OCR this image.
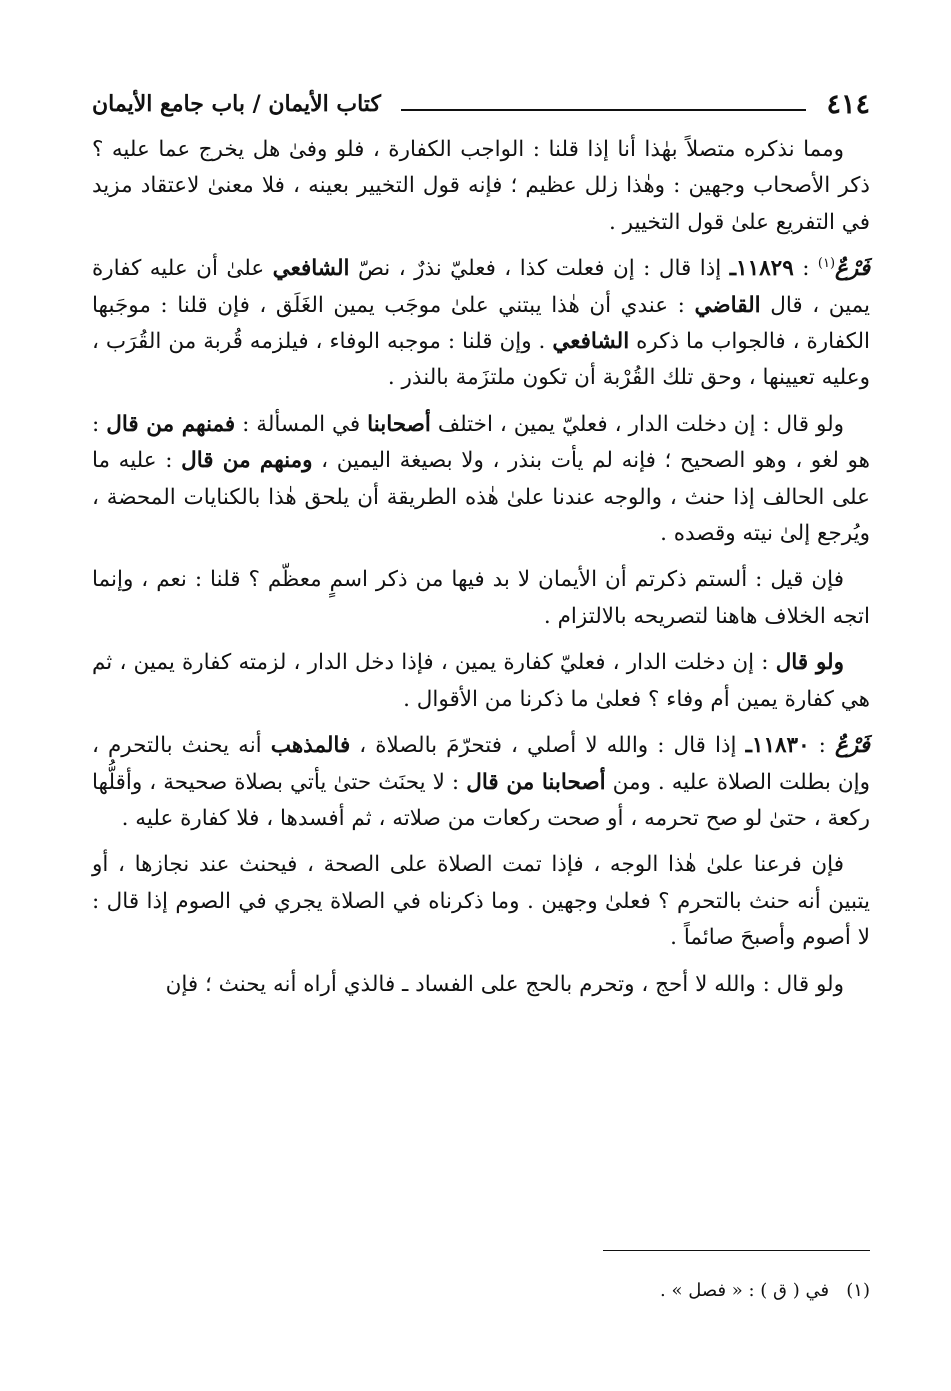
٤١٤
كتاب الأيمان / باب جامع الأيمان

ومما نذكره متصلاً بهٰذا أنا إذا قلنا : الواجب الكفارة ، فلو وفىٰ هل يخرج عما عليه ؟ ذكر الأصحاب وجهين : وهٰذا زلل عظيم ؛ فإنه قول التخيير بعينه ، فلا معنىٰ لاعتقاد مزيد في التفريع علىٰ قول التخيير .

فَرْعٌ$^{(١)}$ : ١١٨٢٩ـ إذا قال : إن فعلت كذا ، فعليّ نذرٌ ، نصّ الشافعي علىٰ أن عليه كفارة يمين ، قال القاضي : عندي أن هٰذا يبتني علىٰ موجَب يمين الغَلَق ، فإن قلنا : موجَبها الكفارة ، فالجواب ما ذكره الشافعي . وإن قلنا : موجبه الوفاء ، فيلزمه قُربة من القُرَب ، وعليه تعيينها ، وحق تلك القُرْبة أن تكون ملتزَمة بالنذر .

ولو قال : إن دخلت الدار ، فعليّ يمين ، اختلف أصحابنا في المسألة : فمنهم من قال : هو لغو ، وهو الصحيح ؛ فإنه لم يأت بنذر ، ولا بصيغة اليمين ، ومنهم من قال : عليه ما على الحالف إذا حنث ، والوجه عندنا علىٰ هٰذه الطريقة أن يلحق هٰذا بالكنايات المحضة ، ويُرجع إلىٰ نيته وقصده .

فإن قيل : ألستم ذكرتم أن الأيمان لا بد فيها من ذكر اسمٍ معظّم ؟ قلنا : نعم ، وإنما اتجه الخلاف هاهنا لتصريحه بالالتزام .

ولو قال : إن دخلت الدار ، فعليّ كفارة يمين ، فإذا دخل الدار ، لزمته كفارة يمين ، ثم هي كفارة يمين أم وفاء ؟ فعلىٰ ما ذكرنا من الأقوال .

فَرْعٌ : ١١٨٣٠ـ إذا قال : والله لا أصلي ، فتحرّمَ بالصلاة ، فالمذهب أنه يحنث بالتحرم ، وإن بطلت الصلاة عليه . ومن أصحابنا من قال : لا يحنَث حتىٰ يأتي بصلاة صحيحة ، وأقلُّها ركعة ، حتىٰ لو صح تحرمه ، أو صحت ركعات من صلاته ، ثم أفسدها ، فلا كفارة عليه .

فإن فرعنا علىٰ هٰذا الوجه ، فإذا تمت الصلاة على الصحة ، فيحنث عند نجازها ، أو يتبين أنه حنث بالتحرم ؟ فعلىٰ وجهين . وما ذكرناه في الصلاة يجري في الصوم إذا قال : لا أصوم وأصبحَ صائماً .

ولو قال : والله لا أحج ، وتحرم بالحج على الفساد ـ فالذي أراه أنه يحنث ؛ فإن

(١)   في ( ق ) : « فصل » .
